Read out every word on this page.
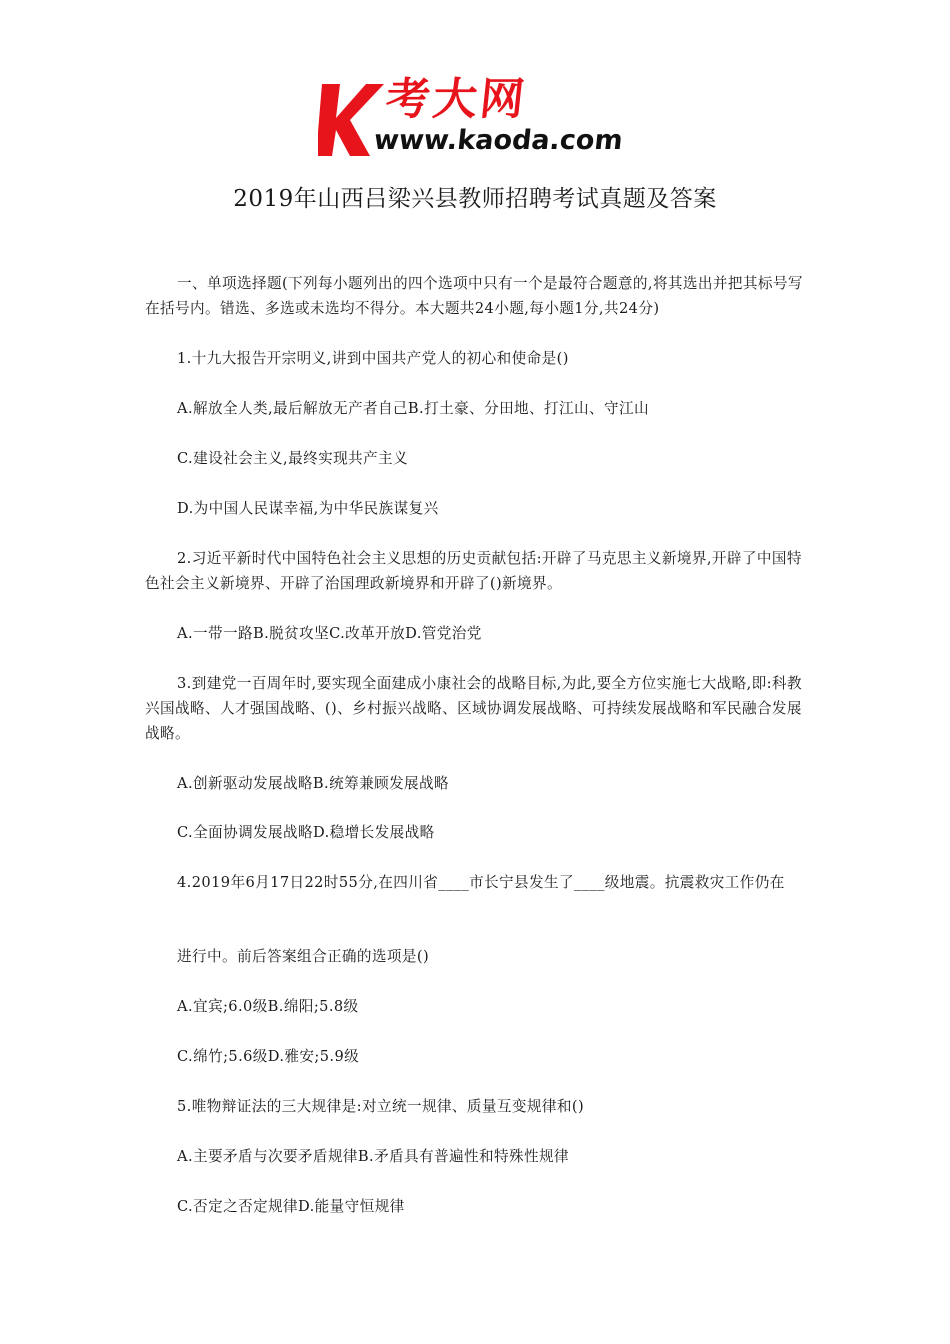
考大网
www.kaoda.com
2019年山西吕梁兴县教师招聘考试真题及答案

一、单项选择题(下列每小题列出的四个选项中只有一个是最符合题意的,将其选出并把其标号写在括号内。错选、多选或未选均不得分。本大题共24小题,每小题1分,共24分)

1.十九大报告开宗明义,讲到中国共产党人的初心和使命是()

A.解放全人类,最后解放无产者自己B.打土豪、分田地、打江山、守江山

C.建设社会主义,最终实现共产主义

D.为中国人民谋幸福,为中华民族谋复兴

2.习近平新时代中国特色社会主义思想的历史贡献包括:开辟了马克思主义新境界,开辟了中国特色社会主义新境界、开辟了治国理政新境界和开辟了()新境界。

A.一带一路B.脱贫攻坚C.改革开放D.管党治党

3.到建党一百周年时,要实现全面建成小康社会的战略目标,为此,要全方位实施七大战略,即:科教兴国战略、人才强国战略、()、乡村振兴战略、区域协调发展战略、可持续发展战略和军民融合发展战略。

A.创新驱动发展战略B.统筹兼顾发展战略

C.全面协调发展战略D.稳增长发展战略

4.2019年6月17日22时55分,在四川省____市长宁县发生了____级地震。抗震救灾工作仍在

进行中。前后答案组合正确的选项是()

A.宜宾;6.0级B.绵阳;5.8级

C.绵竹;5.6级D.雅安;5.9级

5.唯物辩证法的三大规律是:对立统一规律、质量互变规律和()

A.主要矛盾与次要矛盾规律B.矛盾具有普遍性和特殊性规律

C.否定之否定规律D.能量守恒规律
